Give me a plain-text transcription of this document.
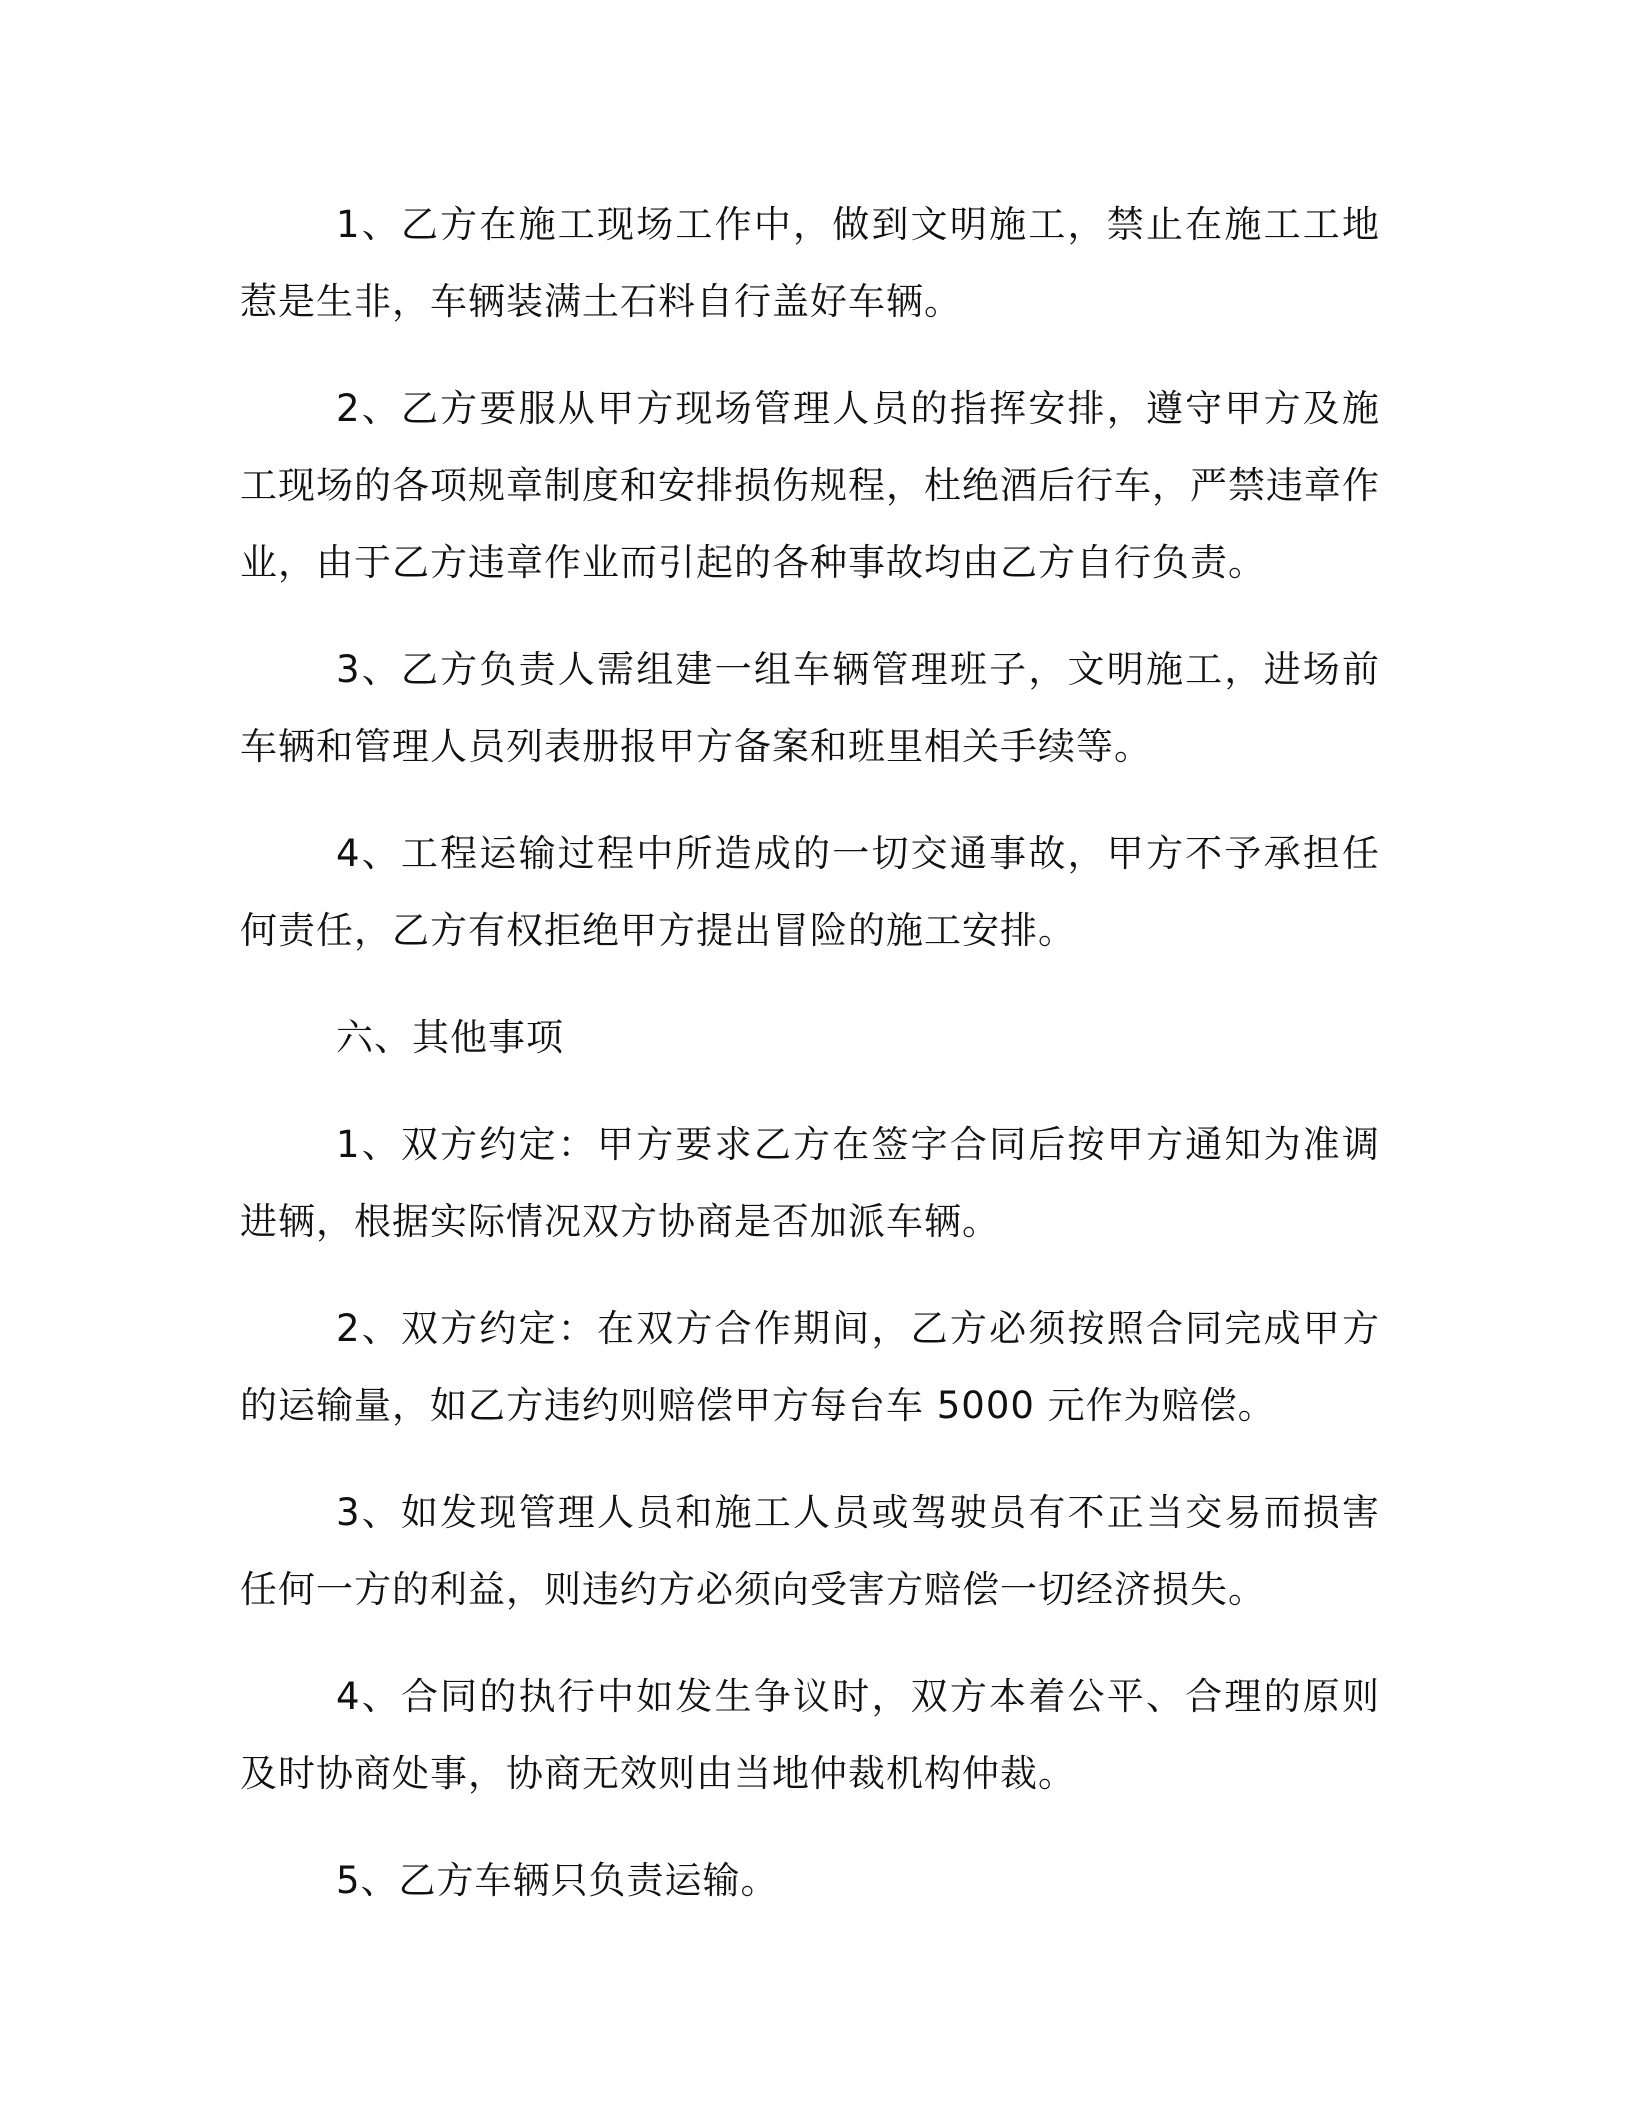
1、乙方在施工现场工作中，做到文明施工，禁止在施工工地惹是生非，车辆装满土石料自行盖好车辆。

2、乙方要服从甲方现场管理人员的指挥安排，遵守甲方及施工现场的各项规章制度和安排损伤规程，杜绝酒后行车，严禁违章作业，由于乙方违章作业而引起的各种事故均由乙方自行负责。

3、乙方负责人需组建一组车辆管理班子，文明施工，进场前车辆和管理人员列表册报甲方备案和班里相关手续等。

4、工程运输过程中所造成的一切交通事故，甲方不予承担任何责任，乙方有权拒绝甲方提出冒险的施工安排。

六、其他事项

1、双方约定：甲方要求乙方在签字合同后按甲方通知为准调进辆，根据实际情况双方协商是否加派车辆。

2、双方约定：在双方合作期间，乙方必须按照合同完成甲方的运输量，如乙方违约则赔偿甲方每台车 5000 元作为赔偿。

3、如发现管理人员和施工人员或驾驶员有不正当交易而损害任何一方的利益，则违约方必须向受害方赔偿一切经济损失。

4、合同的执行中如发生争议时，双方本着公平、合理的原则及时协商处事，协商无效则由当地仲裁机构仲裁。

5、乙方车辆只负责运输。
